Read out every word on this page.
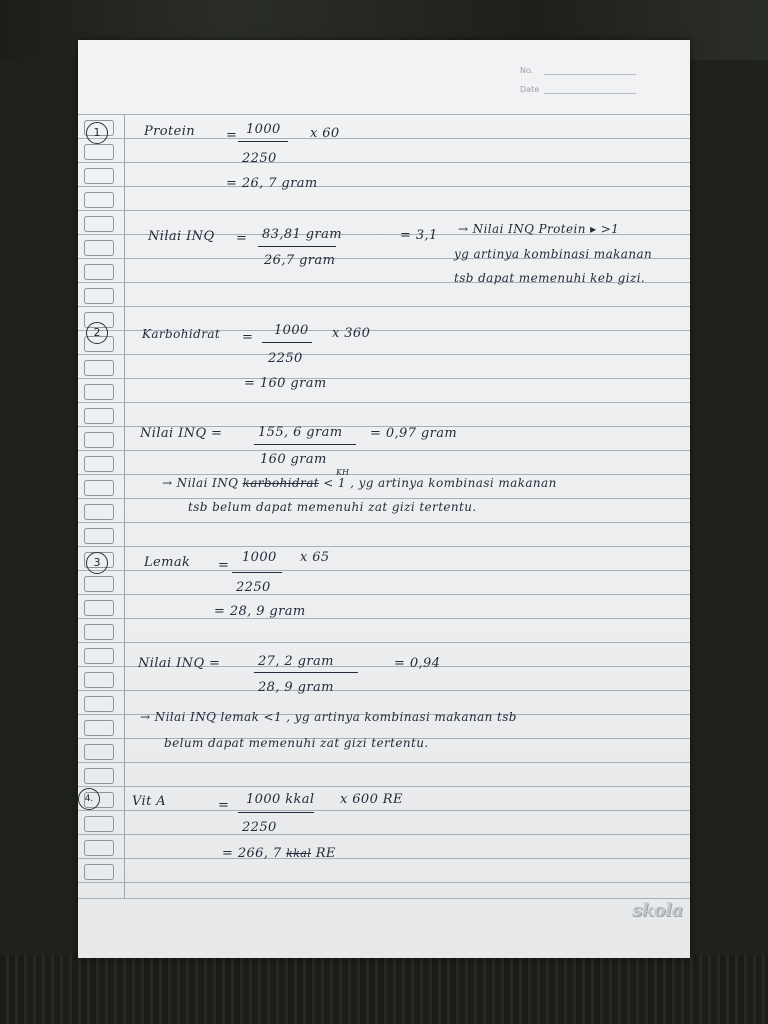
No.
Date
1	Protein = 1000 x 60
2250
= 26, 7 gram
Nilai INQ = 83,81 gram
26,7 gram
= 3,1 → Nilai INQ Protein ▸ >1
yg artinya kombinasi makanan
tsb dapat memenuhi keb gizi.
2	Karbohidrat = 1000 x 360
2250
= 160 gram
Nilai INQ =	155, 6 gram
160 gram
= 0,97 gram
KH
→ Nilai INQ karbohidrat < 1 , yg artinya kombinasi makanan
tsb belum dapat memenuhi zat gizi tertentu.
3	Lemak =
1000 x 65
2250
= 28, 9 gram
Nilai INQ =	27, 2 gram
28, 9 gram
= 0,94
→ Nilai INQ lemak <1 , yg artinya kombinasi makanan tsb
belum dapat memenuhi zat gizi tertentu.
4.	Vit A	= 1000 kkal x 600 RE
2250
= 266, 7 kkal RE
skola
